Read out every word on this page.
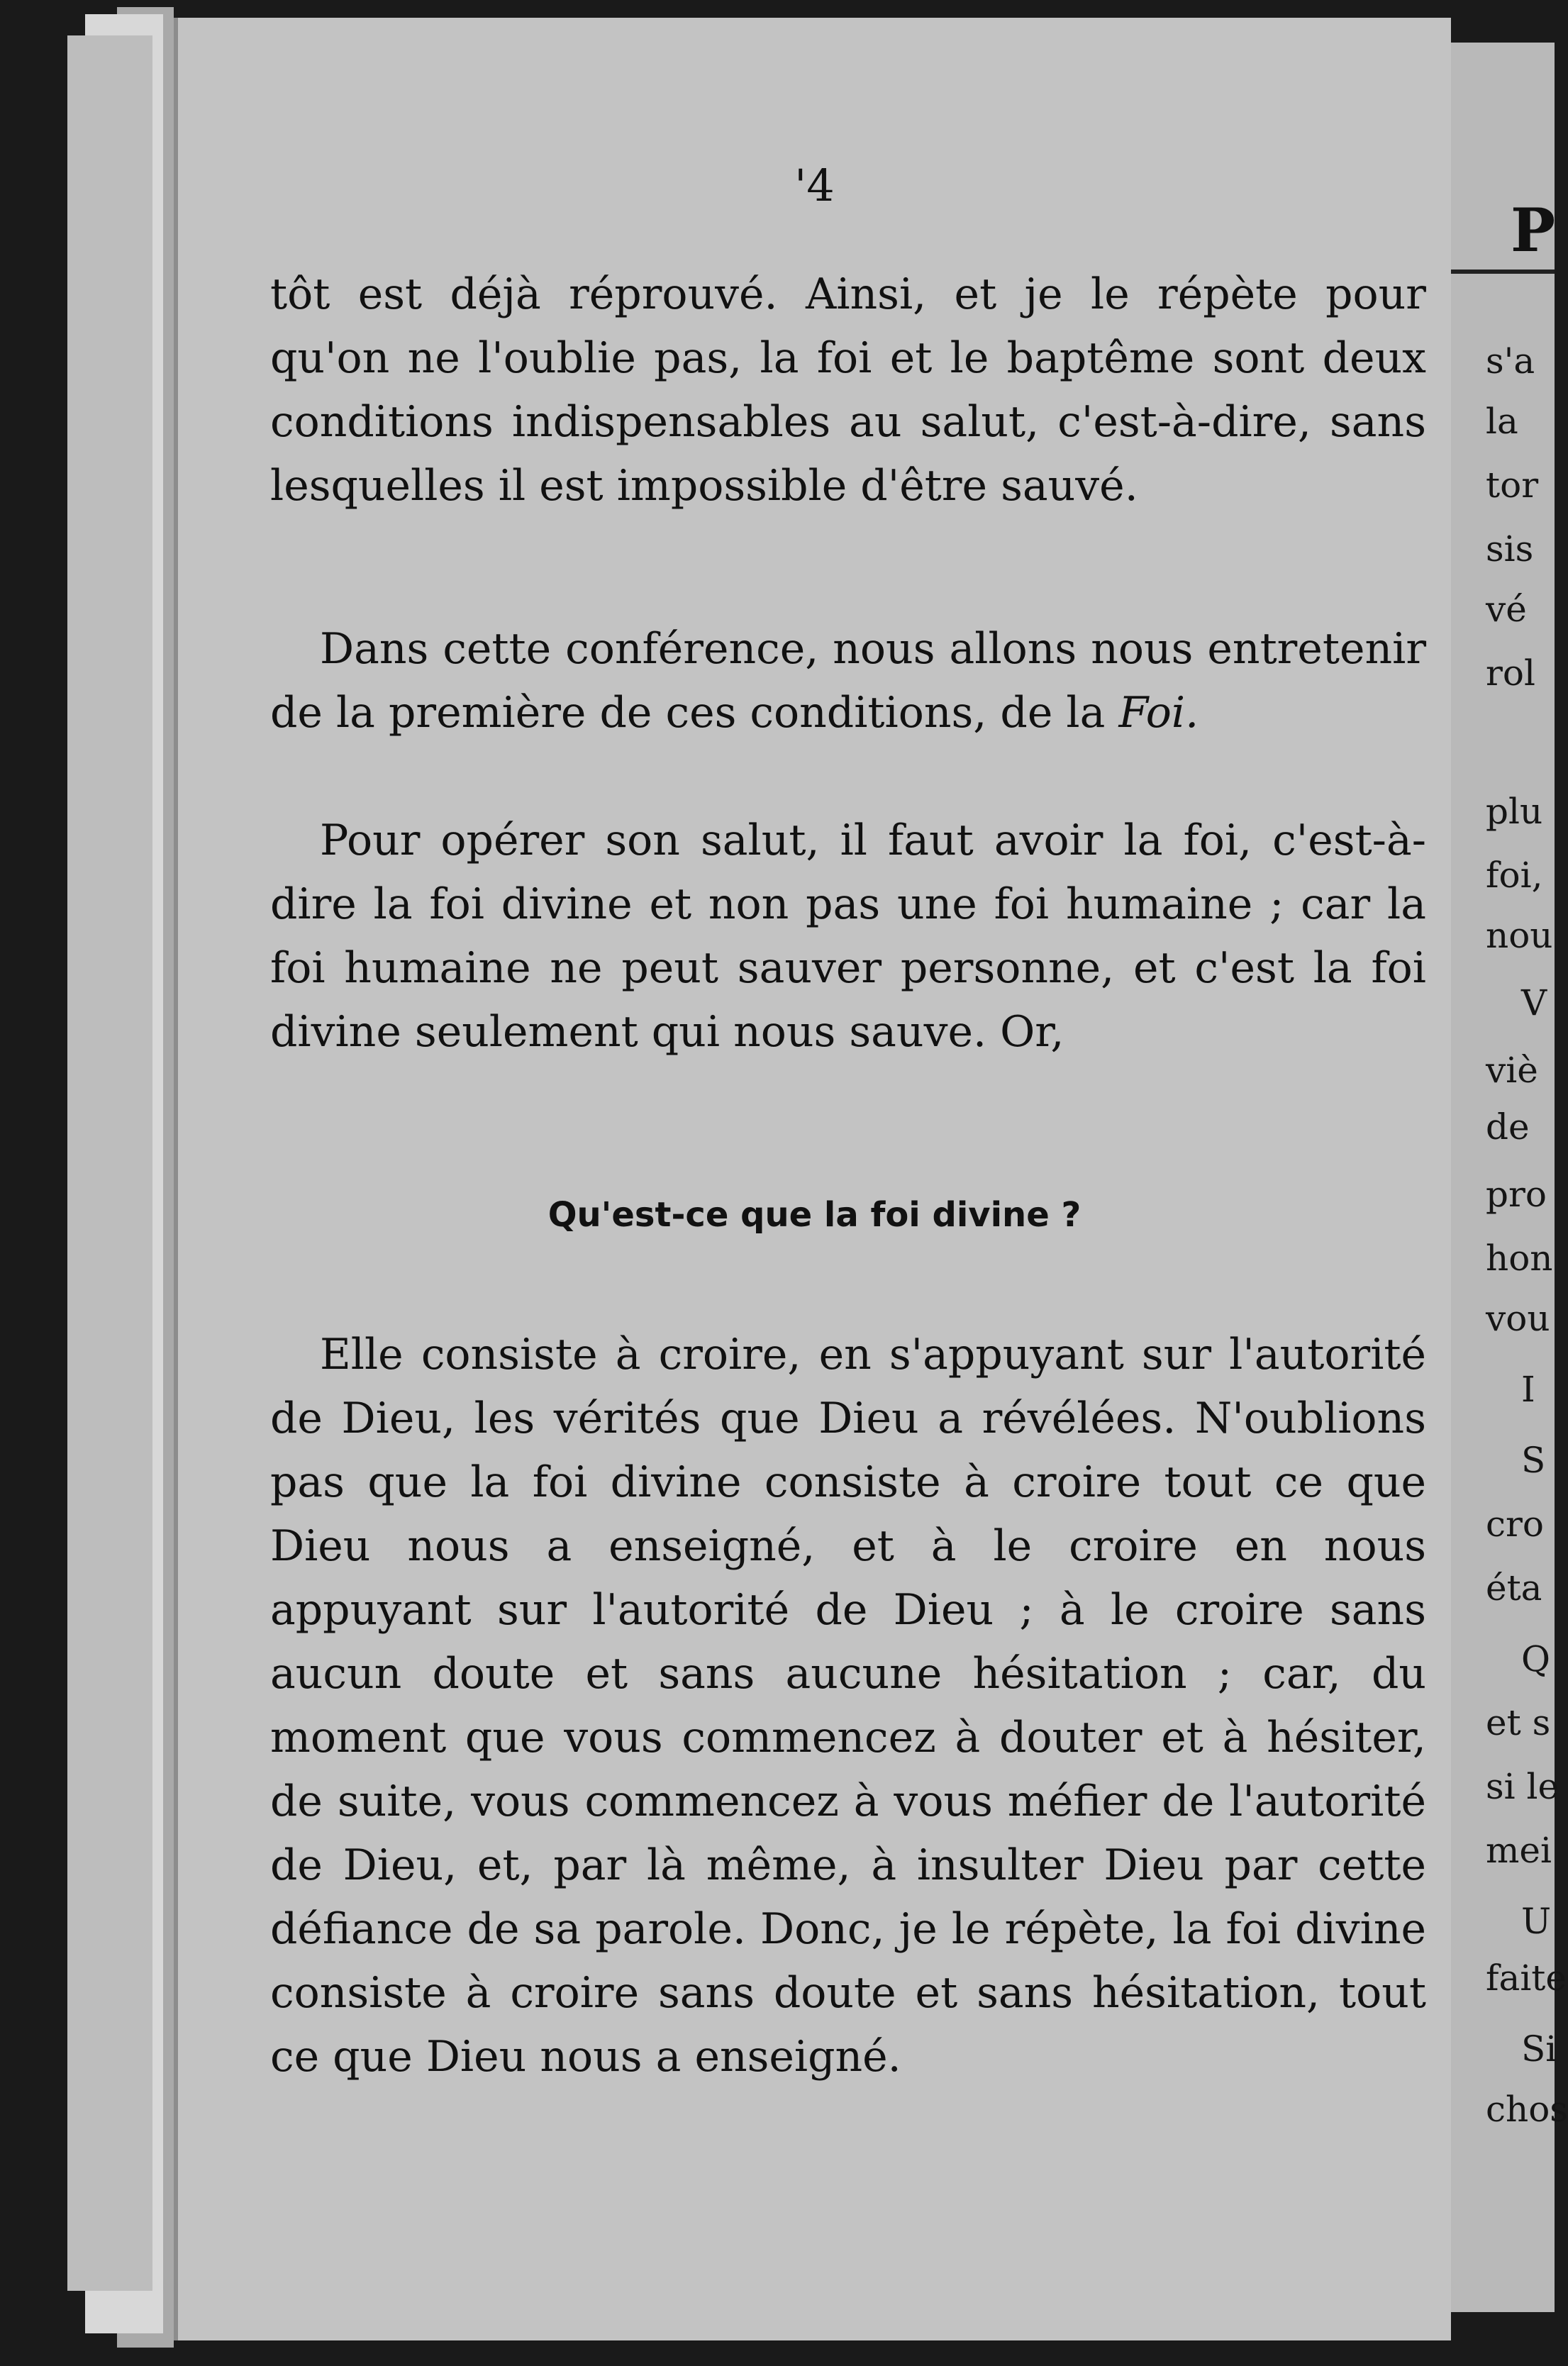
P
s'a
la
tor
sis
vé
rol
plu
foi,
nou
V
viè
de
pro
hon
vou
I
S
cro
éta
Q
et s
si le
mei
U
faite
Si
chos
'4

tôt est déjà réprouvé. Ainsi, et je le répète pour qu'on ne l'oublie pas, la foi et le baptême sont deux conditions indispensables au salut, c'est-à-dire, sans lesquelles il est impossible d'être sauvé.

Dans cette conférence, nous allons nous entretenir de la première de ces conditions, de la Foi.

Pour opérer son salut, il faut avoir la foi, c'est-à-dire la foi divine et non pas une foi humaine ; car la foi humaine ne peut sauver personne, et c'est la foi divine seulement qui nous sauve. Or,

Qu'est-ce que la foi divine ?

Elle consiste à croire, en s'appuyant sur l'autorité de Dieu, les vérités que Dieu a révélées. N'oublions pas que la foi divine consiste à croire tout ce que Dieu nous a enseigné, et à le croire en nous appuyant sur l'autorité de Dieu ; à le croire sans aucun doute et sans aucune hésitation ; car, du moment que vous commencez à douter et à hésiter, de suite, vous commencez à vous méfier de l'autorité de Dieu, et, par là même, à insulter Dieu par cette défiance de sa parole. Donc, je le répète, la foi divine consiste à croire sans doute et sans hésitation, tout ce que Dieu nous a enseigné.
